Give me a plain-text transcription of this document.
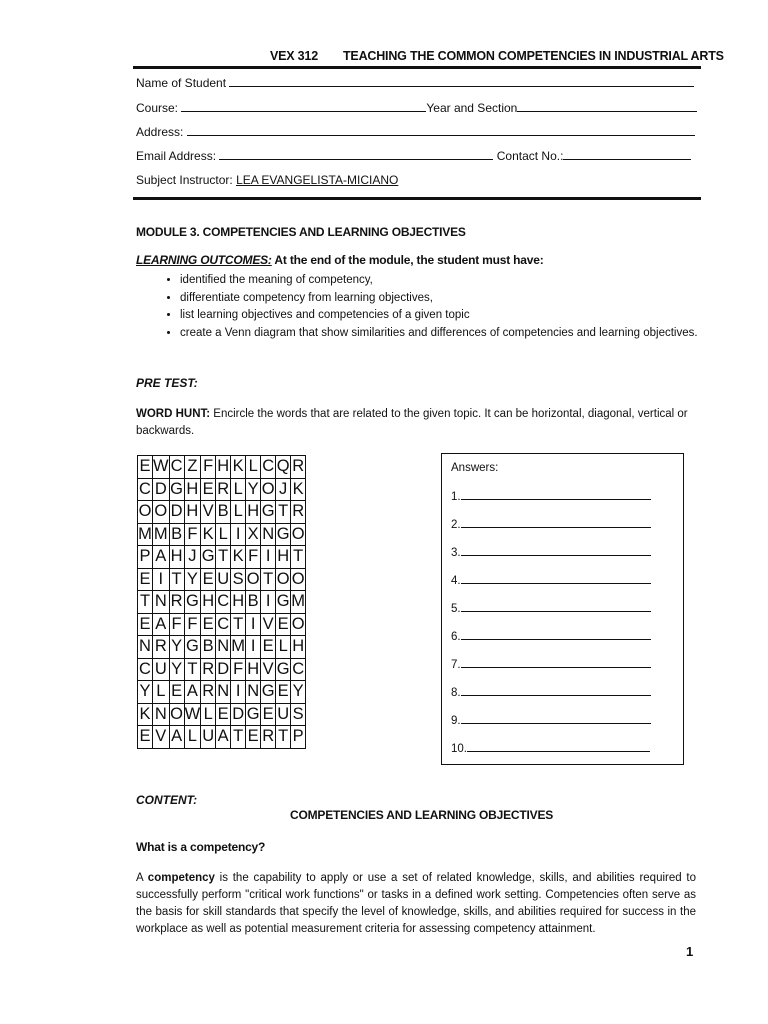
VEX 312 TEACHING THE COMMON COMPETENCIES IN INDUSTRIAL ARTS
Name of Student
Course:	Year and Section
Address:
Email Address:	Contact No.:
Subject Instructor: LEA EVANGELISTA-MICIANO
MODULE 3. COMPETENCIES AND LEARNING OBJECTIVES
LEARNING OUTCOMES: At the end of the module, the student must have:
• identified the meaning of competency,
• differentiate competency from learning objectives,
• list learning objectives and competencies of a given topic
• create a Venn diagram that show similarities and differences of competencies and learning objectives.
PRE TEST:
WORD HUNT: Encircle the words that are related to the given topic. It can be horizontal, diagonal, vertical or backwards.
E	W	C	Z	F	H	K	L	C	Q	R
C	D	G	H	E	R	L	Y	O	J	K
O	O	D	H	V	B	L	H	G	T	R
M	M	B	F	K	L	I	X	N	G	O
P	A	H	J	G	T	K	F	I	H	T
E	I	T	Y	E	U	S	O	T	O	O
T	N	R	G	H	C	H	B	I	G	M
E	A	F	F	E	C	T	I	V	E	O
N	R	Y	G	B	N	M	I	E	L	H
C	U	Y	T	R	D	F	H	V	G	C
Y	L	E	A	R	N	I	N	G	E	Y
K	N	O	W	L	E	D	G	E	U	S
E	V	A	L	U	A	T	E	R	T	P
Answers:
1.
2.
3.
4.
5.
6.
7.
8.
9.
10.
CONTENT:
COMPETENCIES AND LEARNING OBJECTIVES
What is a competency?
A competency is the capability to apply or use a set of related knowledge, skills, and abilities required to successfully perform "critical work functions" or tasks in a defined work setting. Competencies often serve as the basis for skill standards that specify the level of knowledge, skills, and abilities required for success in the workplace as well as potential measurement criteria for assessing competency attainment.
1
